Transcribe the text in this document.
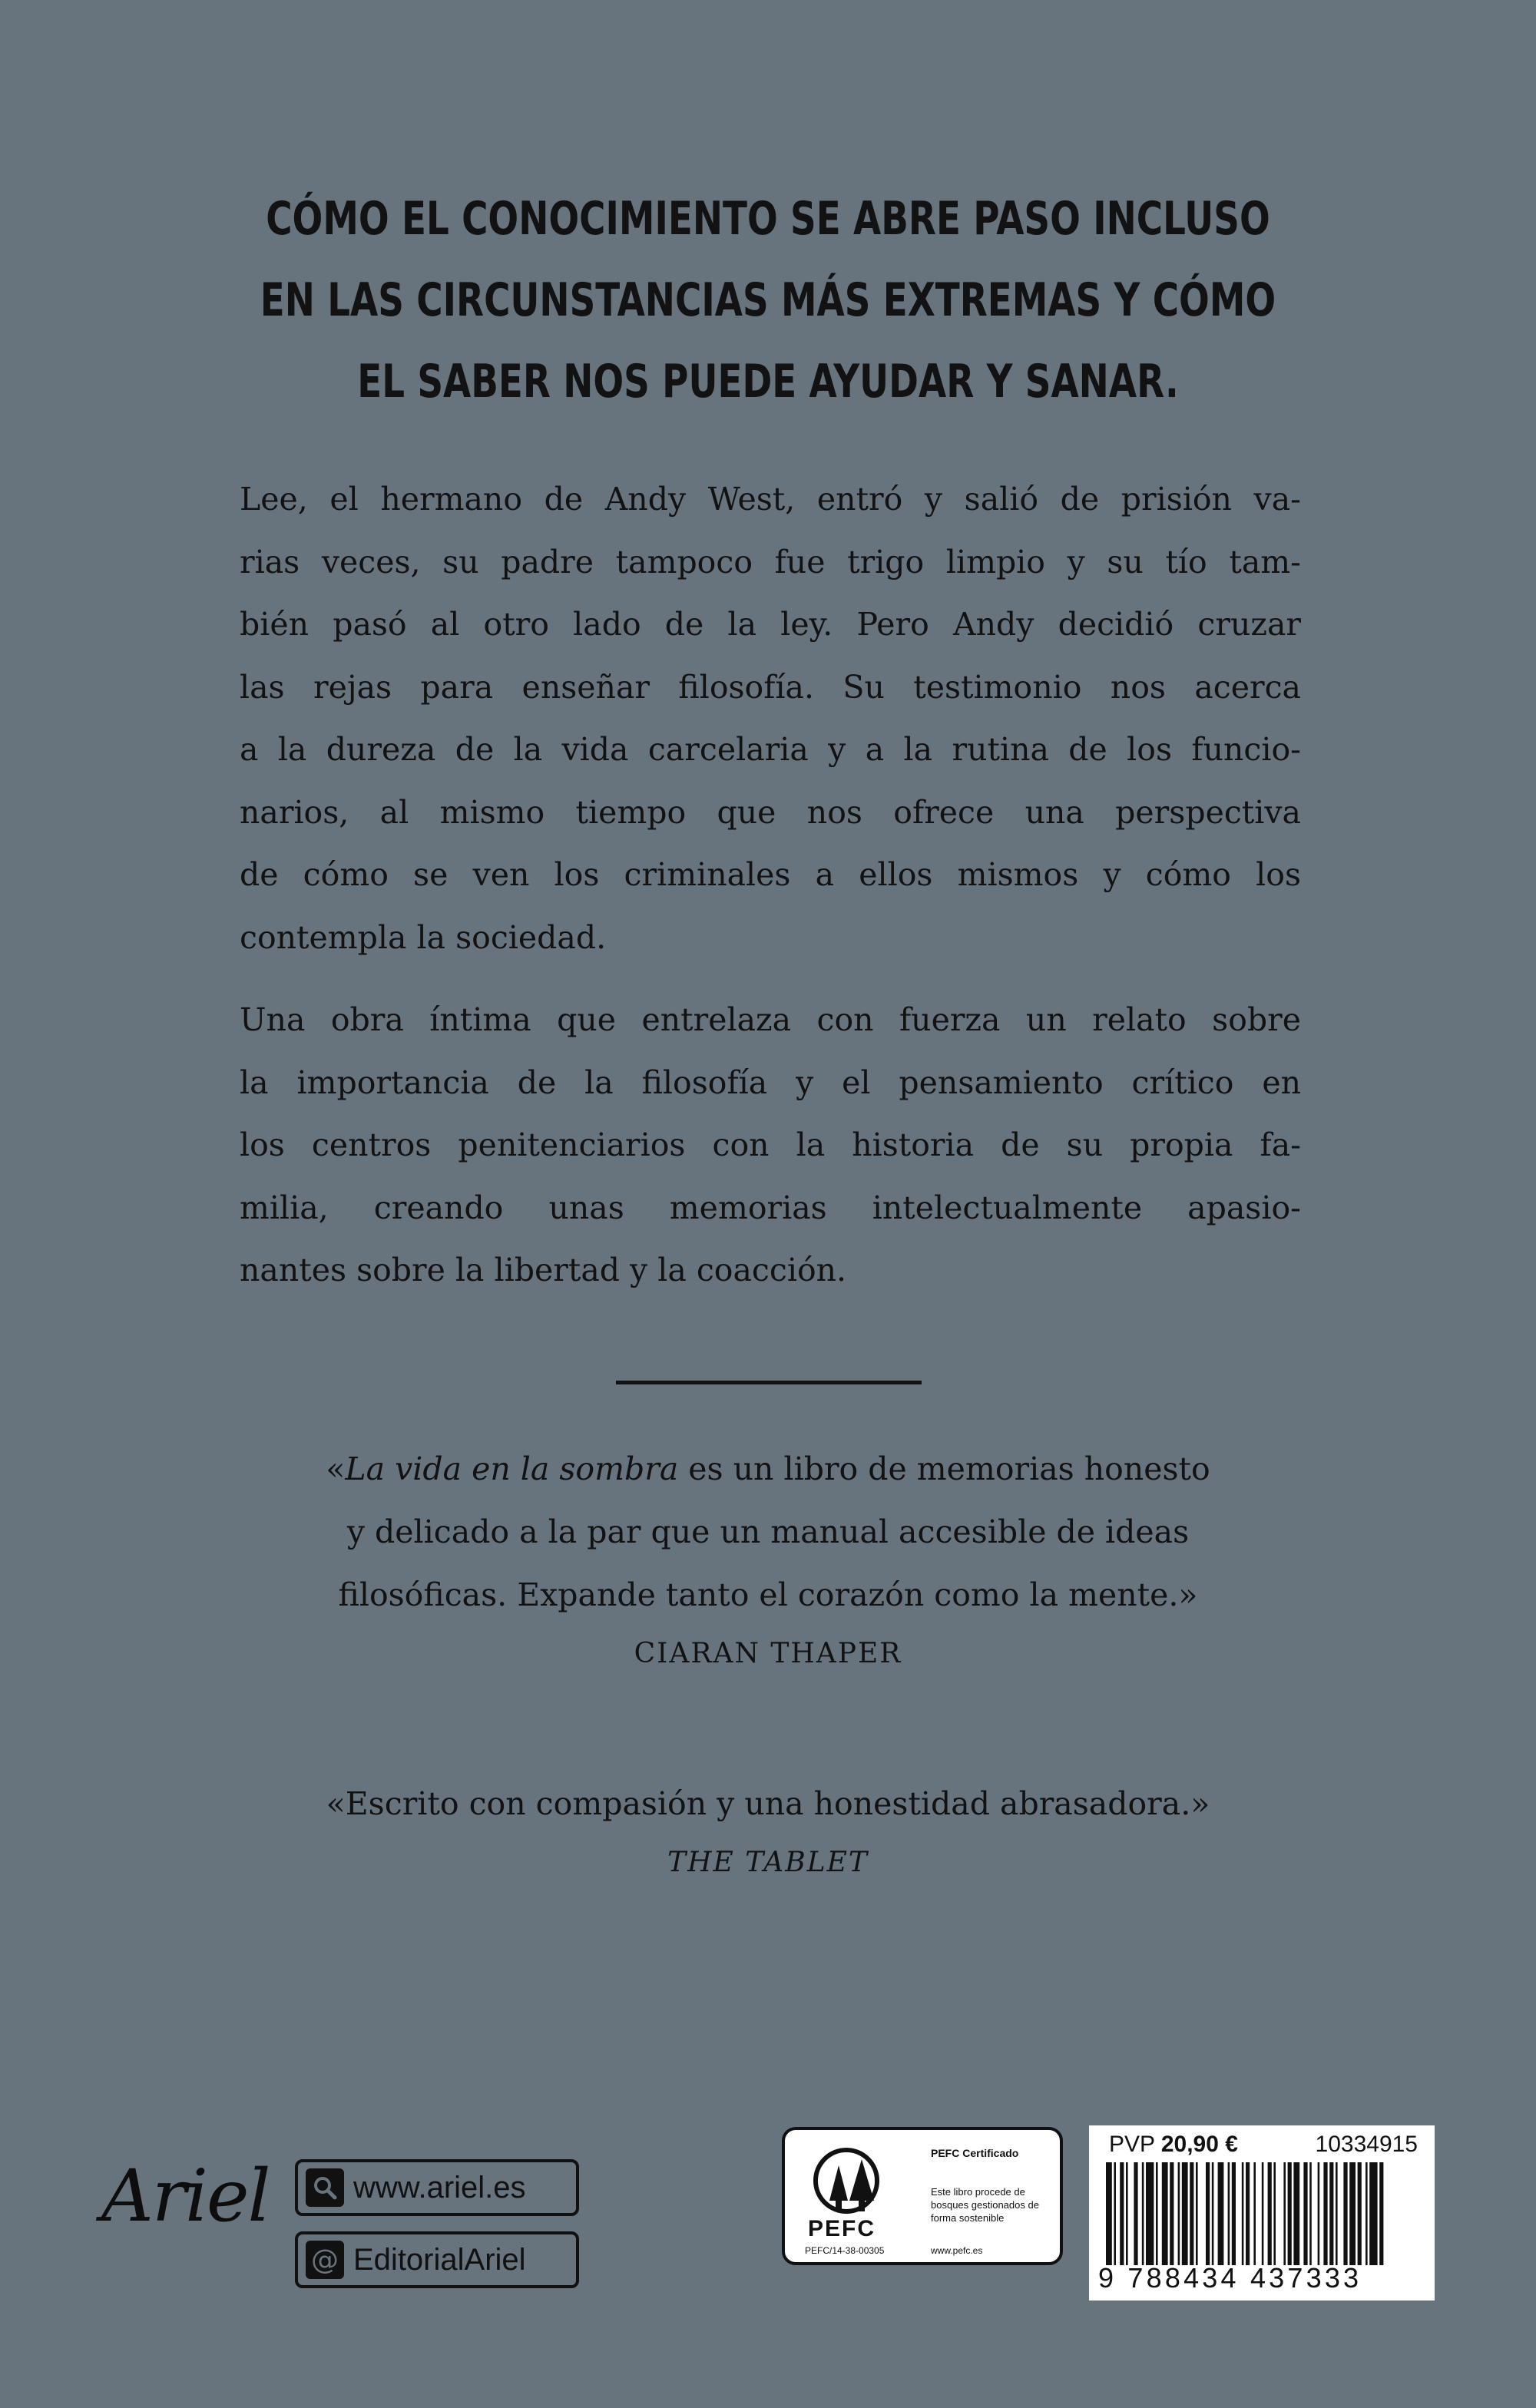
CÓMO EL CONOCIMIENTO SE ABRE PASO INCLUSO
EN LAS CIRCUNSTANCIAS MÁS EXTREMAS Y CÓMO
EL SABER NOS PUEDE AYUDAR Y SANAR.

Lee, el hermano de Andy West, entró y salió de prisión va-

rias veces, su padre tampoco fue trigo limpio y su tío tam-

bién pasó al otro lado de la ley. Pero Andy decidió cruzar

las rejas para enseñar filosofía. Su testimonio nos acerca

a la dureza de la vida carcelaria y a la rutina de los funcio-

narios, al mismo tiempo que nos ofrece una perspectiva

de cómo se ven los criminales a ellos mismos y cómo los

contempla la sociedad.

Una obra íntima que entrelaza con fuerza un relato sobre

la importancia de la filosofía y el pensamiento crítico en

los centros penitenciarios con la historia de su propia fa-

milia, creando unas memorias intelectualmente apasio-

nantes sobre la libertad y la coacción.

«La vida en la sombra es un libro de memorias honesto
y delicado a la par que un manual accesible de ideas
filosóficas. Expande tanto el corazón como la mente.»
CIARAN THAPER
«Escrito con compasión y una honestidad abrasadora.»
THE TABLET
Ariel	www.ariel.es
@ EditorialAriel
PEFC
PEFC/14-38-00305
PEFC Certificado
Este libro procede de bosques gestionados de forma sostenible
www.pefc.es
PVP 20,90 €	10334915
9 788434 437333
